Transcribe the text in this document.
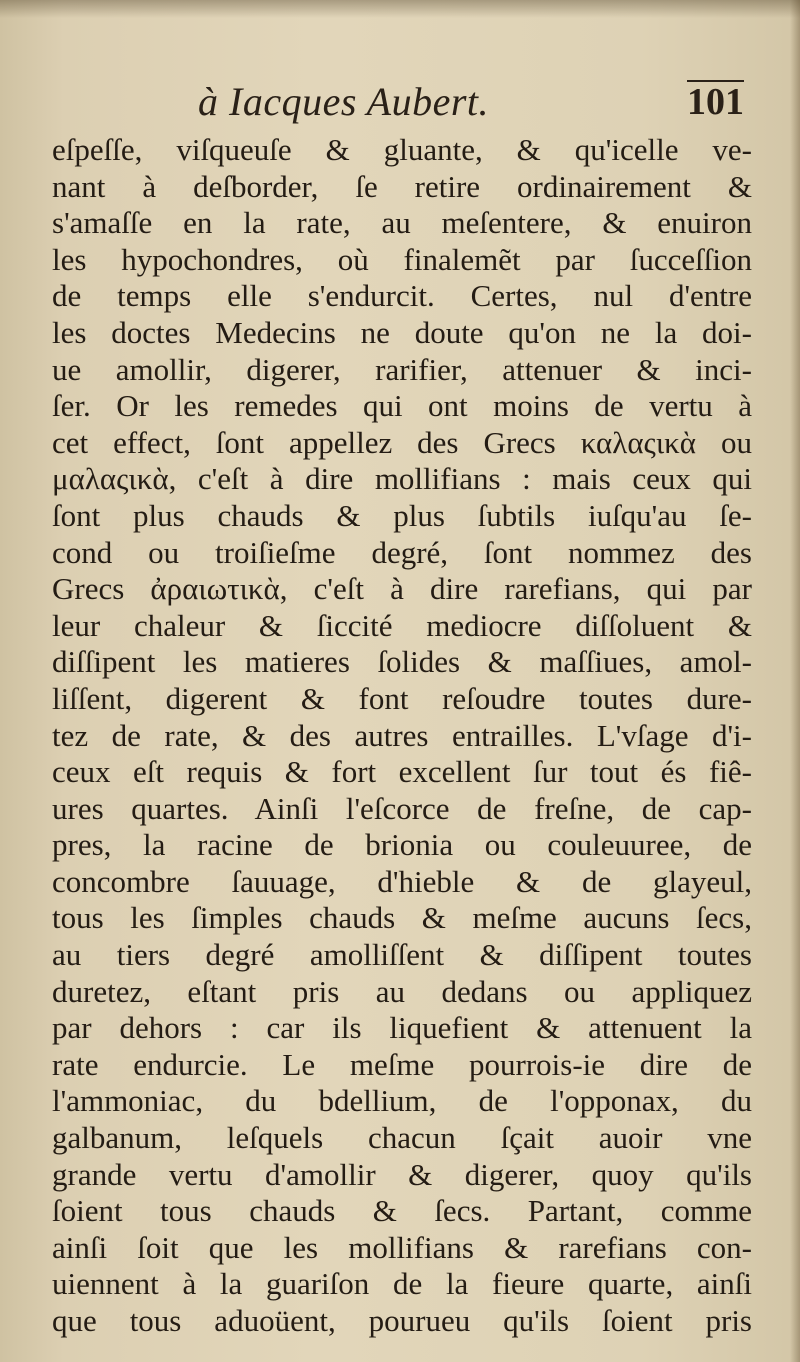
à Iacques Aubert.	101
eſpeſſe, viſqueuſe & gluante, & qu'icelle ve-
nant à deſborder, ſe retire ordinairement &
s'amaſſe en la rate, au meſentere, & enuiron
les hypochondres, où finalemẽt par ſucceſſion
de temps elle s'endurcit. Certes, nul d'entre
les doctes Medecins ne doute qu'on ne la doi-
ue amollir, digerer, rarifier, attenuer & inci-
ſer. Or les remedes qui ont moins de vertu à
cet effect, ſont appellez des Grecs καλαςικὰ ou
μαλαςικὰ, c'eſt à dire mollifians : mais ceux qui
ſont plus chauds & plus ſubtils iuſqu'au ſe-
cond ou troiſieſme degré, ſont nommez des
Grecs ἀραιωτικὰ, c'eſt à dire rarefians, qui par
leur chaleur & ſiccité mediocre diſſoluent &
diſſipent les matieres ſolides & maſſiues, amol-
liſſent, digerent & font reſoudre toutes dure-
tez de rate, & des autres entrailles. L'vſage d'i-
ceux eſt requis & fort excellent ſur tout és fiê-
ures quartes. Ainſi l'eſcorce de freſne, de cap-
pres, la racine de brionia ou couleuuree, de
concombre ſauuage, d'hieble & de glayeul,
tous les ſimples chauds & meſme aucuns ſecs,
au tiers degré amolliſſent & diſſipent toutes
duretez, eſtant pris au dedans ou appliquez
par dehors : car ils liquefient & attenuent la
rate endurcie. Le meſme pourrois-ie dire de
l'ammoniac, du bdellium, de l'opponax, du
galbanum, leſquels chacun ſçait auoir vne
grande vertu d'amollir & digerer, quoy qu'ils
ſoient tous chauds & ſecs. Partant, comme
ainſi ſoit que les mollifians & rarefians con-
uiennent à la guariſon de la fieure quarte, ainſi
que tous aduoüent, pourueu qu'ils ſoient pris
